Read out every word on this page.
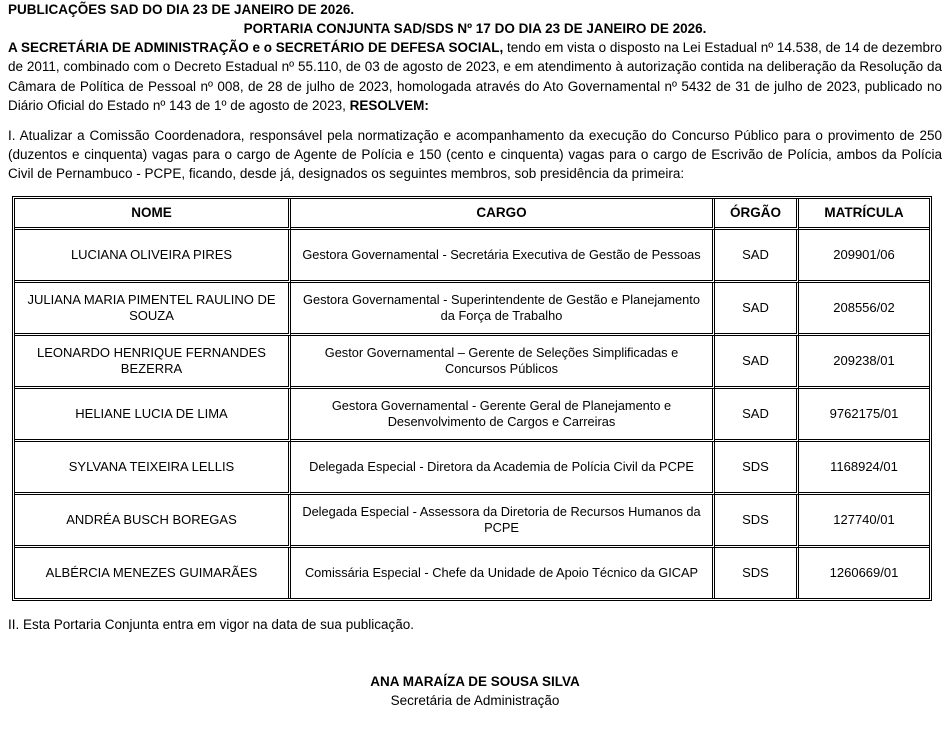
PUBLICAÇÕES SAD DO DIA 23 DE JANEIRO DE 2026.
PORTARIA CONJUNTA SAD/SDS Nº 17 DO DIA 23 DE JANEIRO DE 2026.

A SECRETÁRIA DE ADMINISTRAÇÃO e o SECRETÁRIO DE DEFESA SOCIAL, tendo em vista o disposto na Lei Estadual nº 14.538, de 14 de dezembro de 2011, combinado com o Decreto Estadual nº 55.110, de 03 de agosto de 2023, e em atendimento à autorização contida na deliberação da Resolução da Câmara de Política de Pessoal nº 008, de 28 de julho de 2023, homologada através do Ato Governamental nº 5432 de 31 de julho de 2023, publicado no Diário Oficial do Estado nº 143 de 1º de agosto de 2023, RESOLVEM:

I. Atualizar a Comissão Coordenadora, responsável pela normatização e acompanhamento da execução do Concurso Público para o provimento de 250 (duzentos e cinquenta) vagas para o cargo de Agente de Polícia e 150 (cento e cinquenta) vagas para o cargo de Escrivão de Polícia, ambos da Polícia Civil de Pernambuco - PCPE, ficando, desde já, designados os seguintes membros, sob presidência da primeira:

NOME	CARGO	ÓRGÃO	MATRÍCULA
LUCIANA OLIVEIRA PIRES	Gestora Governamental - Secretária Executiva de Gestão de Pessoas	SAD	209901/06
JULIANA MARIA PIMENTEL RAULINO DE SOUZA	Gestora Governamental - Superintendente de Gestão e Planejamento da Força de Trabalho	SAD	208556/02
LEONARDO HENRIQUE FERNANDES BEZERRA	Gestor Governamental – Gerente de Seleções Simplificadas e Concursos Públicos	SAD	209238/01
HELIANE LUCIA DE LIMA	Gestora Governamental - Gerente Geral de Planejamento e Desenvolvimento de Cargos e Carreiras	SAD	9762175/01
SYLVANA TEIXEIRA LELLIS	Delegada Especial - Diretora da Academia de Polícia Civil da PCPE	SDS	1168924/01
ANDRÉA BUSCH BOREGAS	Delegada Especial - Assessora da Diretoria de Recursos Humanos da PCPE	SDS	127740/01
ALBÉRCIA MENEZES GUIMARÃES	Comissária Especial - Chefe da Unidade de Apoio Técnico da GICAP	SDS	1260669/01
II. Esta Portaria Conjunta entra em vigor na data de sua publicação.
ANA MARAÍZA DE SOUSA SILVA
Secretária de Administração
